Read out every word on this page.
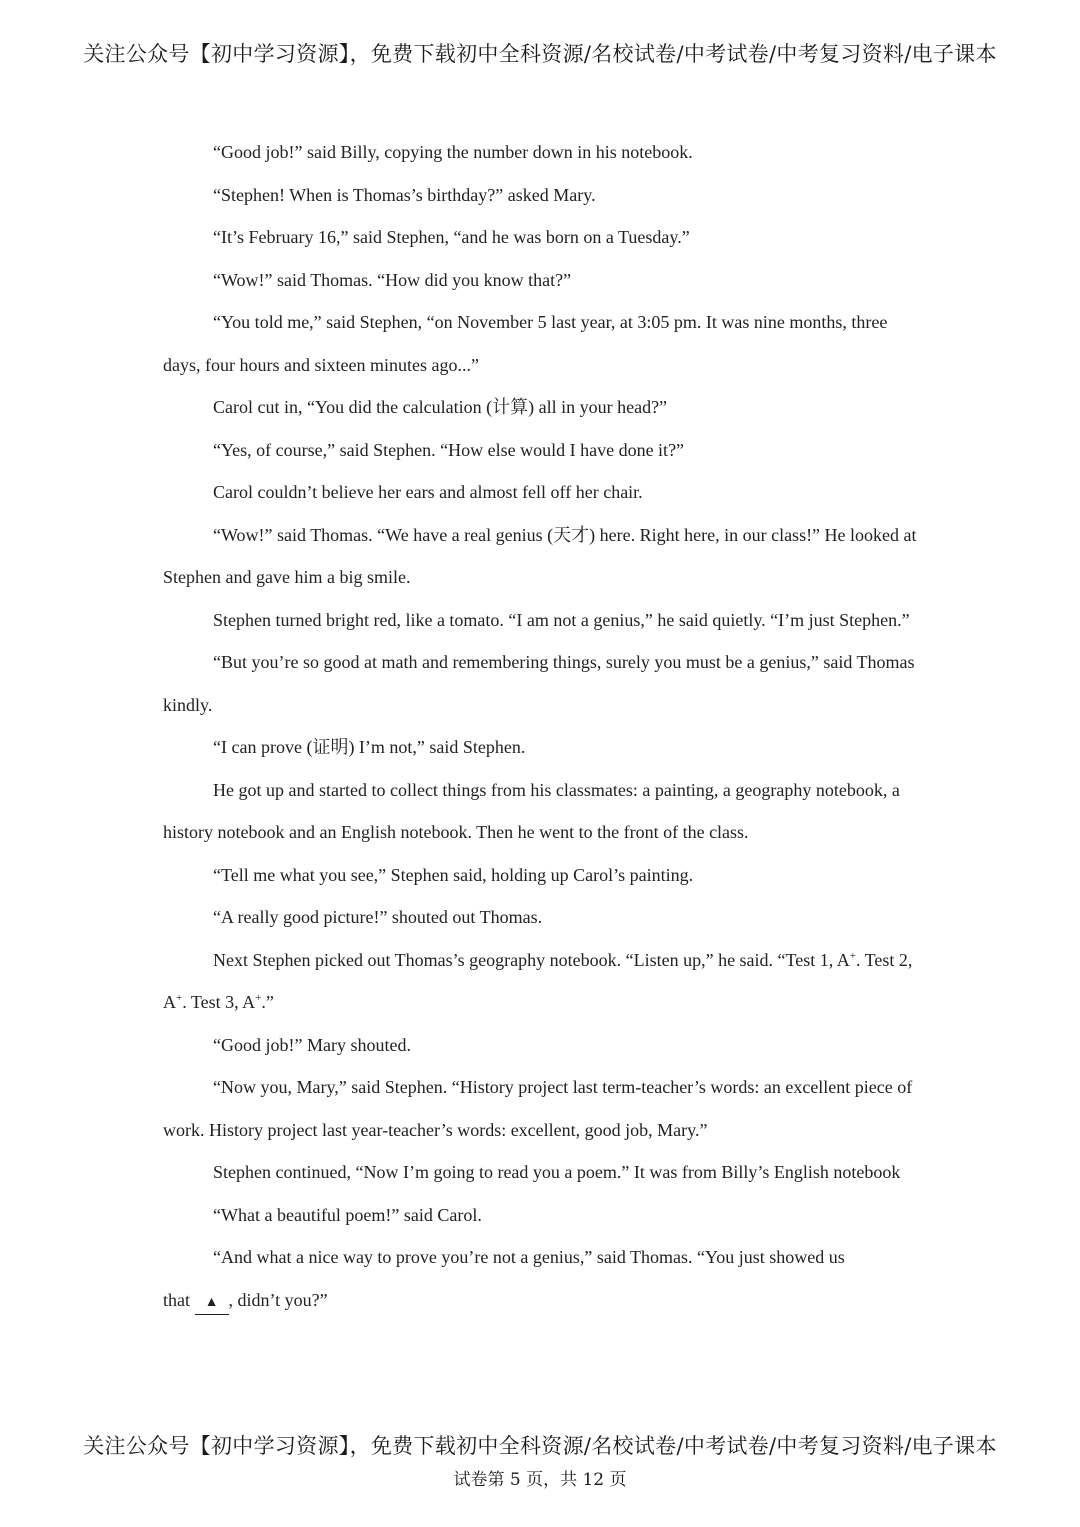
关注公众号【初中学习资源】，免费下载初中全科资源/名校试卷/中考试卷/中考复习资料/电子课本

“Good job!” said Billy, copying the number down in his notebook.

“Stephen! When is Thomas’s birthday?” asked Mary.

“It’s February 16,” said Stephen, “and he was born on a Tuesday.”

“Wow!” said Thomas. “How did you know that?”

“You told me,” said Stephen, “on November 5 last year, at 3:05 pm. It was nine months, three days, four hours and sixteen minutes ago...”

Carol cut in, “You did the calculation (计算) all in your head?”

“Yes, of course,” said Stephen. “How else would I have done it?”

Carol couldn’t believe her ears and almost fell off her chair.

“Wow!” said Thomas. “We have a real genius (天才) here. Right here, in our class!” He looked at Stephen and gave him a big smile.

Stephen turned bright red, like a tomato. “I am not a genius,” he said quietly. “I’m just Stephen.”

“But you’re so good at math and remembering things, surely you must be a genius,” said Thomas kindly.

“I can prove (证明) I’m not,” said Stephen.

He got up and started to collect things from his classmates: a painting, a geography notebook, a history notebook and an English notebook. Then he went to the front of the class.

“Tell me what you see,” Stephen said, holding up Carol’s painting.

“A really good picture!” shouted out Thomas.

Next Stephen picked out Thomas’s geography notebook. “Listen up,” he said. “Test 1, A+. Test 2, A+. Test 3, A+.”

“Good job!” Mary shouted.

“Now you, Mary,” said Stephen. “History project last term-teacher’s words: an excellent piece of work. History project last year-teacher’s words: excellent, good job, Mary.”

Stephen continued, “Now I’m going to read you a poem.” It was from Billy’s English notebook

“What a beautiful poem!” said Carol.

“And what a nice way to prove you’re not a genius,” said Thomas. “You just showed us

that ▲ , didn’t you?”

关注公众号【初中学习资源】，免费下载初中全科资源/名校试卷/中考试卷/中考复习资料/电子课本
试卷第 5 页，共 12 页
